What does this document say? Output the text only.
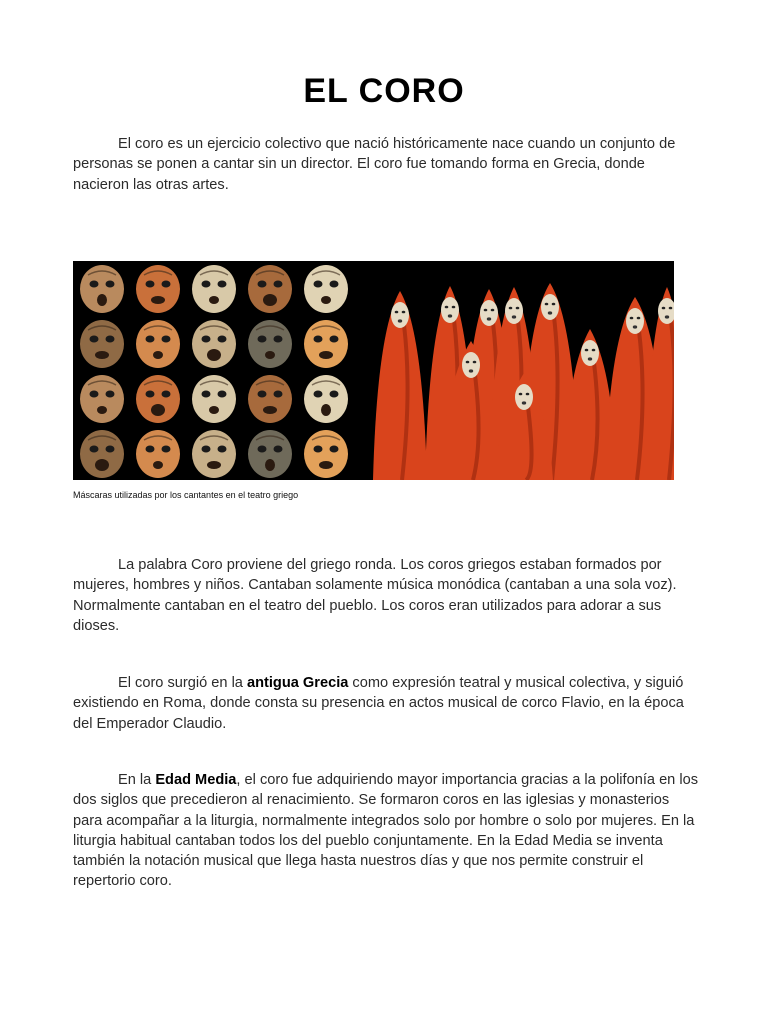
EL CORO

El coro es un ejercicio colectivo que nació históricamente nace cuando un conjunto de personas se ponen a cantar sin un director. El coro fue tomando forma en Grecia, donde nacieron las otras artes.

Máscaras utilizadas por los cantantes en el teatro griego

La palabra Coro proviene del griego ronda. Los coros griegos estaban formados por mujeres, hombres y niños. Cantaban solamente música monódica (cantaban a una sola voz). Normalmente cantaban en el teatro del pueblo. Los coros eran utilizados para adorar a sus dioses.

El coro surgió en la antigua Grecia como expresión teatral y musical colectiva, y siguió existiendo en Roma, donde consta su presencia en actos musical de corco Flavio, en la época del Emperador Claudio.

En la Edad Media, el coro fue adquiriendo mayor importancia gracias a la polifonía en los dos siglos que precedieron al renacimiento. Se formaron coros en las iglesias y monasterios para acompañar a la liturgia, normalmente integrados solo por hombre o solo por mujeres. En la liturgia habitual cantaban todos los del pueblo conjuntamente. En la Edad Media se inventa también la notación musical que llega hasta nuestros días y que nos permite construir el repertorio coro.
